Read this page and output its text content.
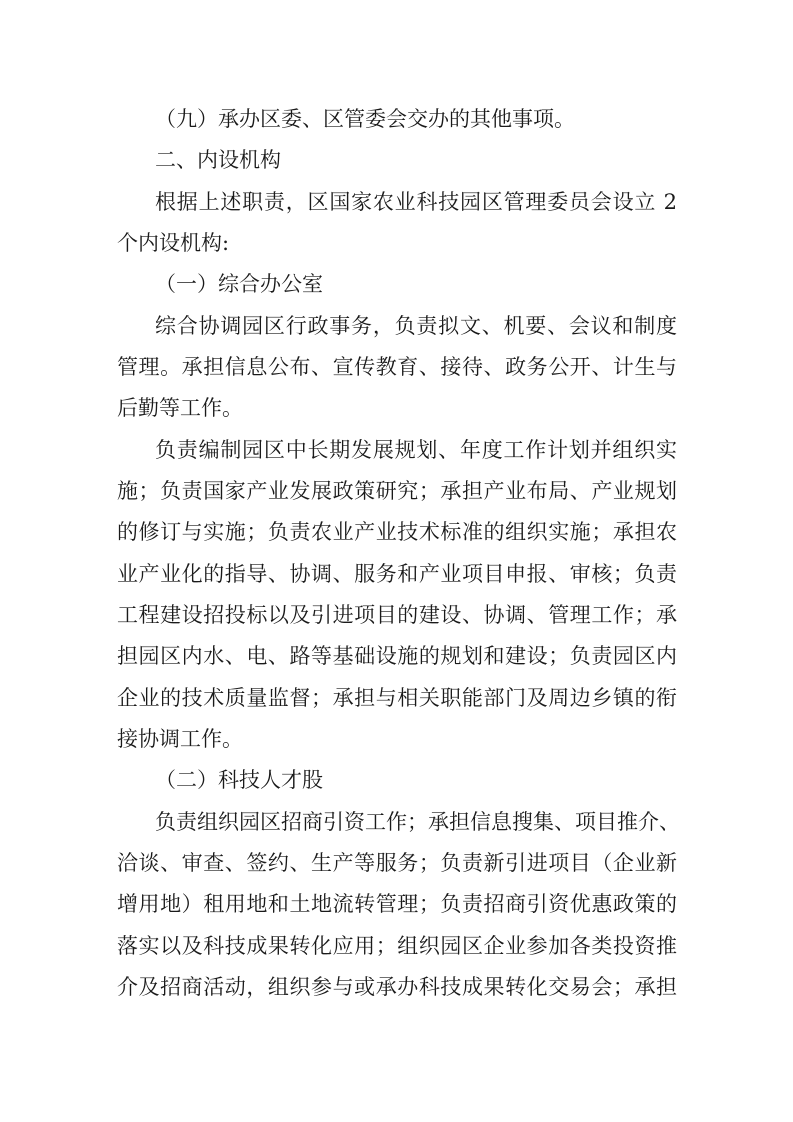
（九）承办区委、区管委会交办的其他事项。
二、内设机构
根据上述职责，区国家农业科技园区管理委员会设立 2
个内设机构:
（一）综合办公室
综合协调园区行政事务，负责拟文、机要、会议和制度
管理。承担信息公布、宣传教育、接待、政务公开、计生与
后勤等工作。
负责编制园区中长期发展规划、年度工作计划并组织实
施；负责国家产业发展政策研究；承担产业布局、产业规划
的修订与实施；负责农业产业技术标准的组织实施；承担农
业产业化的指导、协调、服务和产业项目申报、审核；负责
工程建设招投标以及引进项目的建设、协调、管理工作；承
担园区内水、电、路等基础设施的规划和建设；负责园区内
企业的技术质量监督；承担与相关职能部门及周边乡镇的衔
接协调工作。
（二）科技人才股
负责组织园区招商引资工作；承担信息搜集、项目推介、
洽谈、审查、签约、生产等服务；负责新引进项目（企业新
增用地）租用地和土地流转管理；负责招商引资优惠政策的
落实以及科技成果转化应用；组织园区企业参加各类投资推
介及招商活动，组织参与或承办科技成果转化交易会；承担
